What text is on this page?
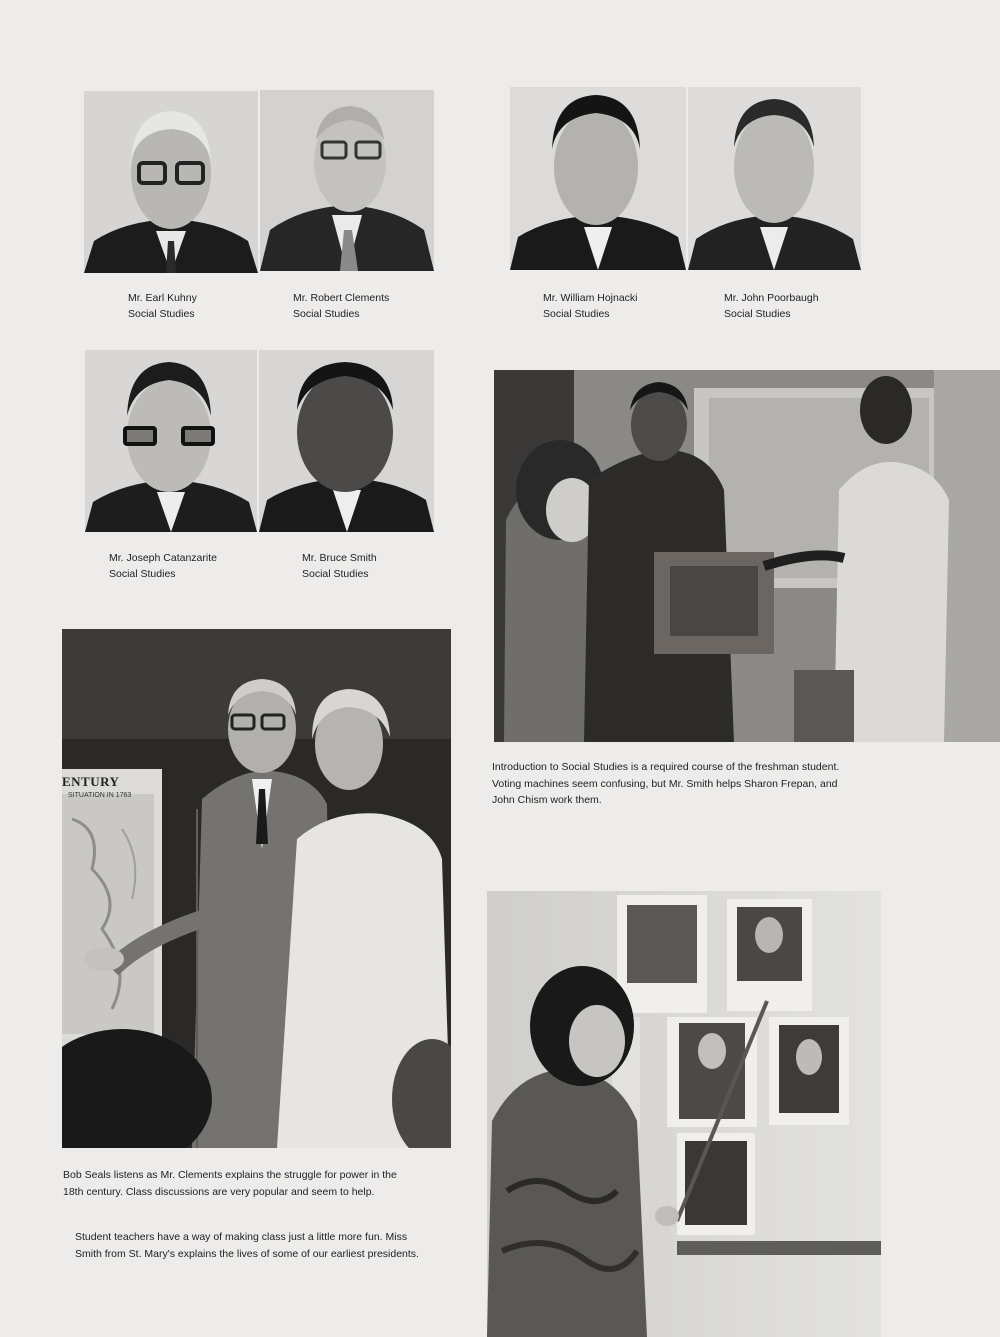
Mr. Earl Kuhny
Social Studies
Mr. Robert Clements
Social Studies
Mr. William Hojnacki
Social Studies
Mr. John Poorbaugh
Social Studies
Mr. Joseph Catanzarite
Social Studies
Mr. Bruce Smith
Social Studies
Introduction to Social Studies is a required course of the freshman student.
Voting machines seem confusing, but Mr. Smith helps Sharon Frepan, and
John Chism work them.
ENTURY
SITUATION IN 1763
Bob Seals listens as Mr. Clements explains the struggle for power in the
18th century. Class discussions are very popular and seem to help.
Student teachers have a way of making class just a little more fun. Miss
Smith from St. Mary's explains the lives of some of our earliest presidents.
